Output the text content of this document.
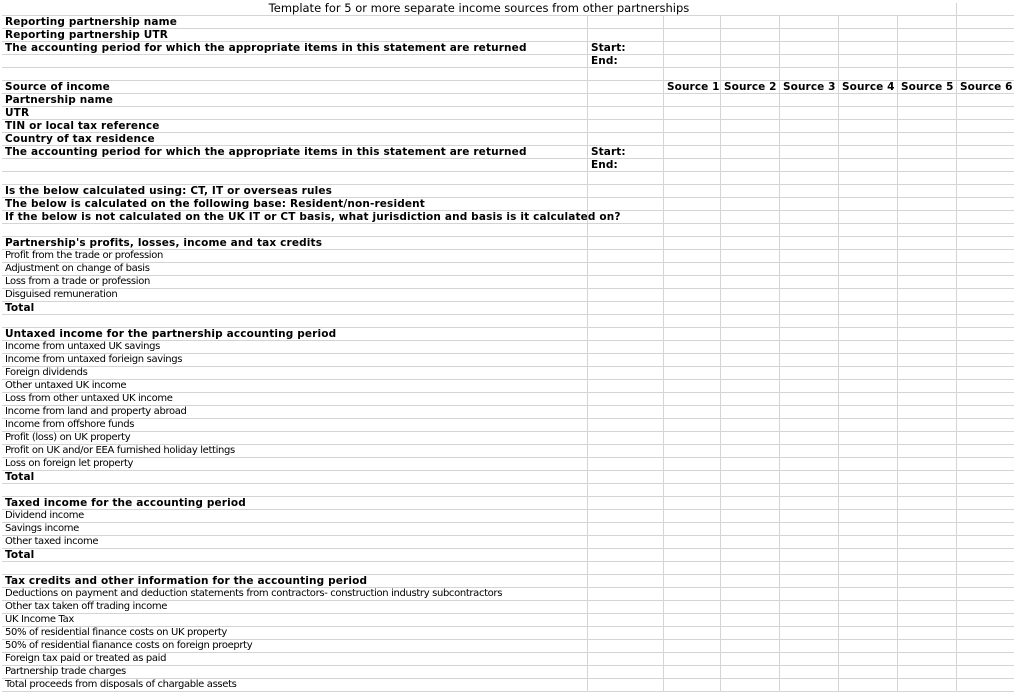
Template for 5 or more separate income sources from other partnerships
Reporting partnership name
Reporting partnership UTR
The accounting period for which the appropriate items in this statement are returned	Start:
End:
Source of income	Source 1 Source 2 Source 3 Source 4 Source 5 Source 6
Partnership name
UTR
TIN or local tax reference
Country of tax residence
The accounting period for which the appropriate items in this statement are returned	Start:
End:
Is the below calculated using: CT, IT or overseas rules
The below is calculated on the following base: Resident/non-resident
If the below is not calculated on the UK IT or CT basis, what jurisdiction and basis is it calculated on?
Partnership's profits, losses, income and tax credits
Profit from the trade or profession
Adjustment on change of basis
Loss from a trade or profession
Disguised remuneration
Total
Untaxed income for the partnership accounting period
Income from untaxed UK savings
Income from untaxed forieign savings
Foreign dividends
Other untaxed UK income
Loss from other untaxed UK income
Income from land and property abroad
Income from offshore funds
Profit (loss) on UK property
Profit on UK and/or EEA furnished holiday lettings
Loss on foreign let property
Total
Taxed income for the accounting period
Dividend income
Savings income
Other taxed income
Total
Tax credits and other information for the accounting period
Deductions on payment and deduction statements from contractors- construction industry subcontractors
Other tax taken off trading income
UK Income Tax
50% of residential finance costs on UK property
50% of residential fianance costs on foreign proeprty
Foreign tax paid or treated as paid
Partnership trade charges
Total proceeds from disposals of chargable assets
